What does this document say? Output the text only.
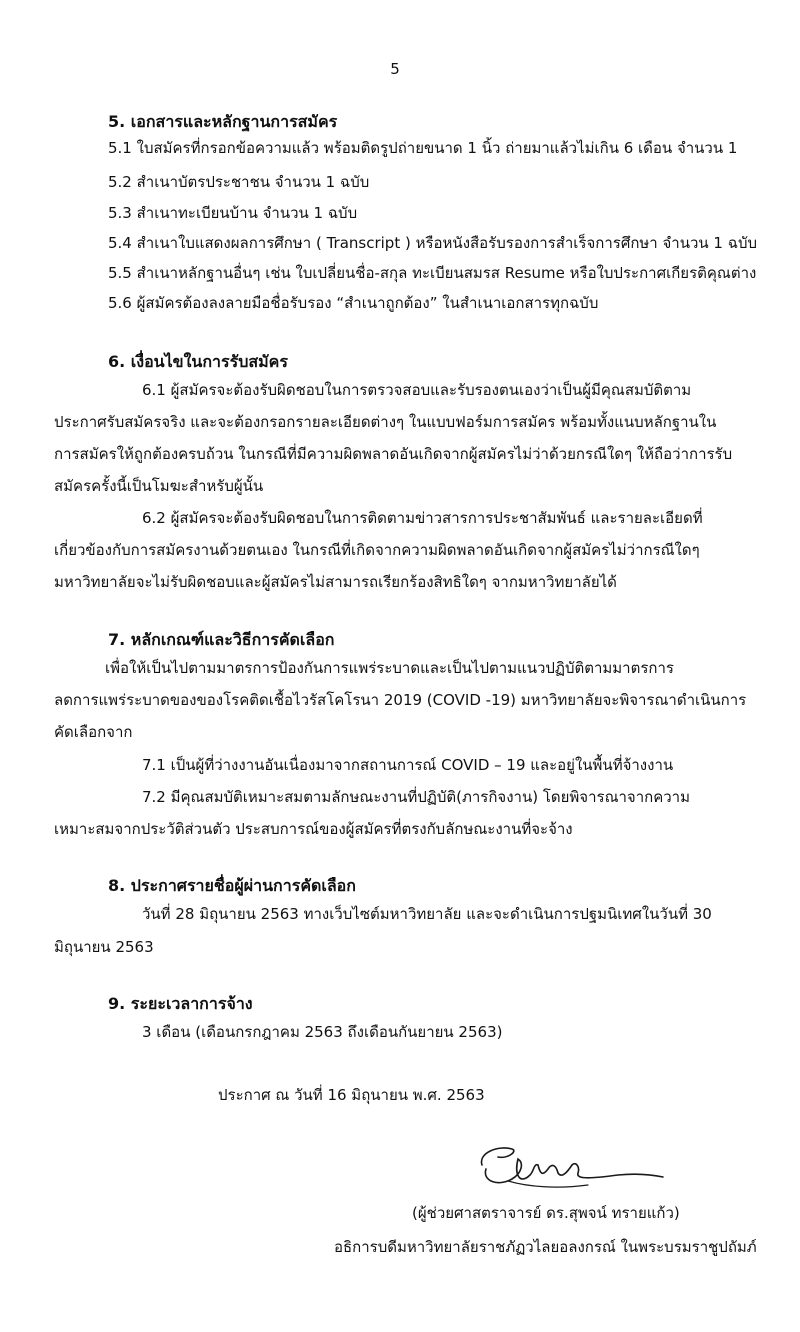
5
5. เอกสารและหลักฐานการสมัคร
5.1 ใบสมัครที่กรอกข้อความแล้ว พร้อมติดรูปถ่ายขนาด 1 นิ้ว ถ่ายมาแล้วไม่เกิน 6 เดือน จำนวน 1
5.2 สำเนาบัตรประชาชน จำนวน 1 ฉบับ
5.3 สำเนาทะเบียนบ้าน จำนวน 1 ฉบับ
5.4 สำเนาใบแสดงผลการศึกษา ( Transcript ) หรือหนังสือรับรองการสำเร็จการศึกษา จำนวน 1 ฉบับ
5.5 สำเนาหลักฐานอื่นๆ เช่น ใบเปลี่ยนชื่อ-สกุล ทะเบียนสมรส Resume หรือใบประกาศเกียรติคุณต่าง
5.6 ผู้สมัครต้องลงลายมือชื่อรับรอง “สำเนาถูกต้อง” ในสำเนาเอกสารทุกฉบับ
6. เงื่อนไขในการรับสมัคร
6.1 ผู้สมัครจะต้องรับผิดชอบในการตรวจสอบและรับรองตนเองว่าเป็นผู้มีคุณสมบัติตาม
ประกาศรับสมัครจริง และจะต้องกรอกรายละเอียดต่างๆ ในแบบฟอร์มการสมัคร พร้อมทั้งแนบหลักฐานใน
การสมัครให้ถูกต้องครบถ้วน ในกรณีที่มีความผิดพลาดอันเกิดจากผู้สมัครไม่ว่าด้วยกรณีใดๆ ให้ถือว่าการรับ
สมัครครั้งนี้เป็นโมฆะสำหรับผู้นั้น
6.2 ผู้สมัครจะต้องรับผิดชอบในการติดตามข่าวสารการประชาสัมพันธ์ และรายละเอียดที่
เกี่ยวข้องกับการสมัครงานด้วยตนเอง ในกรณีที่เกิดจากความผิดพลาดอันเกิดจากผู้สมัครไม่ว่ากรณีใดๆ
มหาวิทยาลัยจะไม่รับผิดชอบและผู้สมัครไม่สามารถเรียกร้องสิทธิใดๆ จากมหาวิทยาลัยได้
7. หลักเกณฑ์และวิธีการคัดเลือก
เพื่อให้เป็นไปตามมาตรการป้องกันการแพร่ระบาดและเป็นไปตามแนวปฏิบัติตามมาตรการ
ลดการแพร่ระบาดของของโรคติดเชื้อไวรัสโคโรนา 2019 (COVID -19) มหาวิทยาลัยจะพิจารณาดำเนินการ
คัดเลือกจาก
7.1 เป็นผู้ที่ว่างงานอันเนื่องมาจากสถานการณ์ COVID – 19 และอยู่ในพื้นที่จ้างงาน
7.2 มีคุณสมบัติเหมาะสมตามลักษณะงานที่ปฏิบัติ(ภารกิจงาน) โดยพิจารณาจากความ
เหมาะสมจากประวัติส่วนตัว ประสบการณ์ของผู้สมัครที่ตรงกับลักษณะงานที่จะจ้าง
8. ประกาศรายชื่อผู้ผ่านการคัดเลือก
วันที่ 28 มิถุนายน 2563 ทางเว็บไซต์มหาวิทยาลัย และจะดำเนินการปฐมนิเทศในวันที่ 30
มิถุนายน 2563
9. ระยะเวลาการจ้าง
3 เดือน (เดือนกรกฎาคม 2563 ถึงเดือนกันยายน 2563)
ประกาศ ณ วันที่ 16 มิถุนายน พ.ศ. 2563
(ผู้ช่วยศาสตราจารย์ ดร.สุพจน์ ทรายแก้ว)
อธิการบดีมหาวิทยาลัยราชภัฏวไลยอลงกรณ์ ในพระบรมราชูปถัมภ์
